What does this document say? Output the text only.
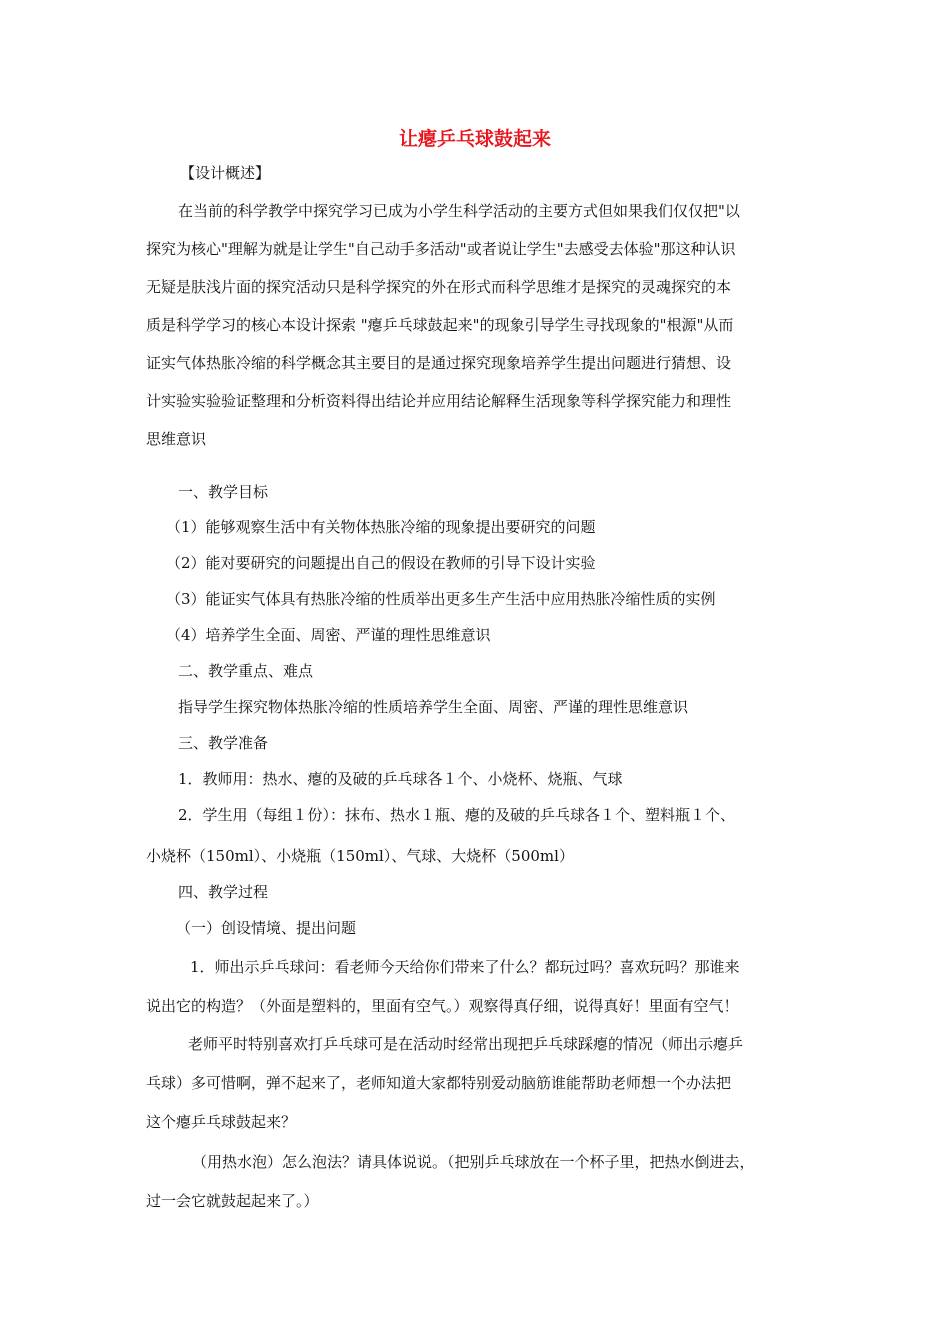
让瘪乒乓球鼓起来
【设计概述】
在当前的科学教学中探究学习已成为小学生科学活动的主要方式但如果我们仅仅把"以
探究为核心"理解为就是让学生"自己动手多活动"或者说让学生"去感受去体验"那这种认识
无疑是肤浅片面的探究活动只是科学探究的外在形式而科学思维才是探究的灵魂探究的本
质是科学学习的核心本设计探索 "瘪乒乓球鼓起来"的现象引导学生寻找现象的"根源"从而
证实气体热胀冷缩的科学概念其主要目的是通过探究现象培养学生提出问题进行猜想、设
计实验实验验证整理和分析资料得出结论并应用结论解释生活现象等科学探究能力和理性
思维意识
一、教学目标
（1）能够观察生活中有关物体热胀冷缩的现象提出要研究的问题
（2）能对要研究的问题提出自己的假设在教师的引导下设计实验
（3）能证实气体具有热胀冷缩的性质举出更多生产生活中应用热胀冷缩性质的实例
（4）培养学生全面、周密、严谨的理性思维意识
二、教学重点、难点
指导学生探究物体热胀冷缩的性质培养学生全面、周密、严谨的理性思维意识
三、教学准备
1．教师用：热水、瘪的及破的乒乓球各１个、小烧杯、烧瓶、气球
2．学生用（每组１份）：抹布、热水１瓶、瘪的及破的乒乓球各１个、塑料瓶１个、
小烧杯（150ml）、小烧瓶（150ml）、气球、大烧杯（500ml）
四、教学过程
（一）创设情境、提出问题
1．师出示乒乓球问：看老师今天给你们带来了什么？都玩过吗？喜欢玩吗？那谁来
说出它的构造？（外面是塑料的，里面有空气。）观察得真仔细，说得真好！里面有空气！
老师平时特别喜欢打乒乓球可是在活动时经常出现把乒乓球踩瘪的情况（师出示瘪乒
乓球）多可惜啊，弹不起来了，老师知道大家都特别爱动脑筋谁能帮助老师想一个办法把
这个瘪乒乓球鼓起来？
（用热水泡）怎么泡法？请具体说说。（把别乒乓球放在一个杯子里，把热水倒进去，
过一会它就鼓起起来了。）
